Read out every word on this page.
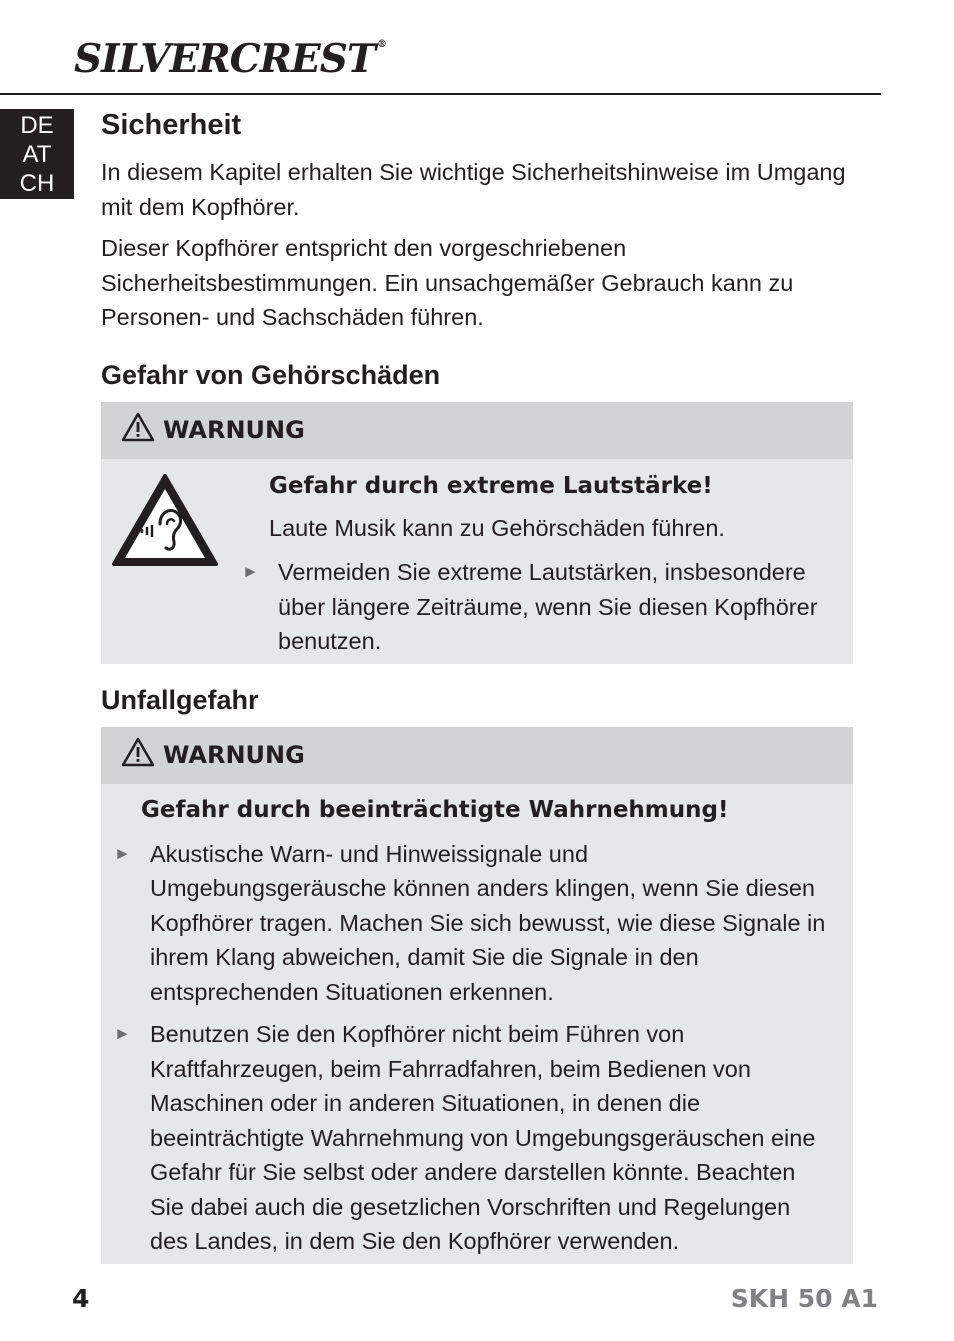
SILVERCREST ®
DE
AT
CH
Sicherheit

In diesem Kapitel erhalten Sie wichtige Sicherheitshinweise im Umgang mit dem Kopfhörer.

Dieser Kopfhörer entspricht den vorgeschriebenen Sicherheitsbestimmungen. Ein unsachgemäßer Gebrauch kann zu Personen- und Sachschäden führen.

Gefahr von Gehörschäden
WARNUNG
Gefahr durch extreme Lautstärke!

Laute Musik kann zu Gehörschäden führen.

► Vermeiden Sie extreme Lautstärken, insbesondere über längere Zeiträume, wenn Sie diesen Kopfhörer benutzen.
Unfallgefahr
WARNUNG
Gefahr durch beeinträchtigte Wahrnehmung!
► Akustische Warn- und Hinweissignale und Umgebungsgeräusche können anders klingen, wenn Sie diesen Kopfhörer tragen. Machen Sie sich bewusst, wie diese Signale in ihrem Klang abweichen, damit Sie die Signale in den entsprechenden Situationen erkennen.
► Benutzen Sie den Kopfhörer nicht beim Führen von Kraftfahrzeugen, beim Fahrradfahren, beim Bedienen von Maschinen oder in anderen Situationen, in denen die beeinträchtigte Wahrnehmung von Umgebungsgeräuschen eine Gefahr für Sie selbst oder andere darstellen könnte. Beachten Sie dabei auch die gesetzlichen Vorschriften und Regelungen des Landes, in dem Sie den Kopfhörer verwenden.
4	SKH 50 A1
